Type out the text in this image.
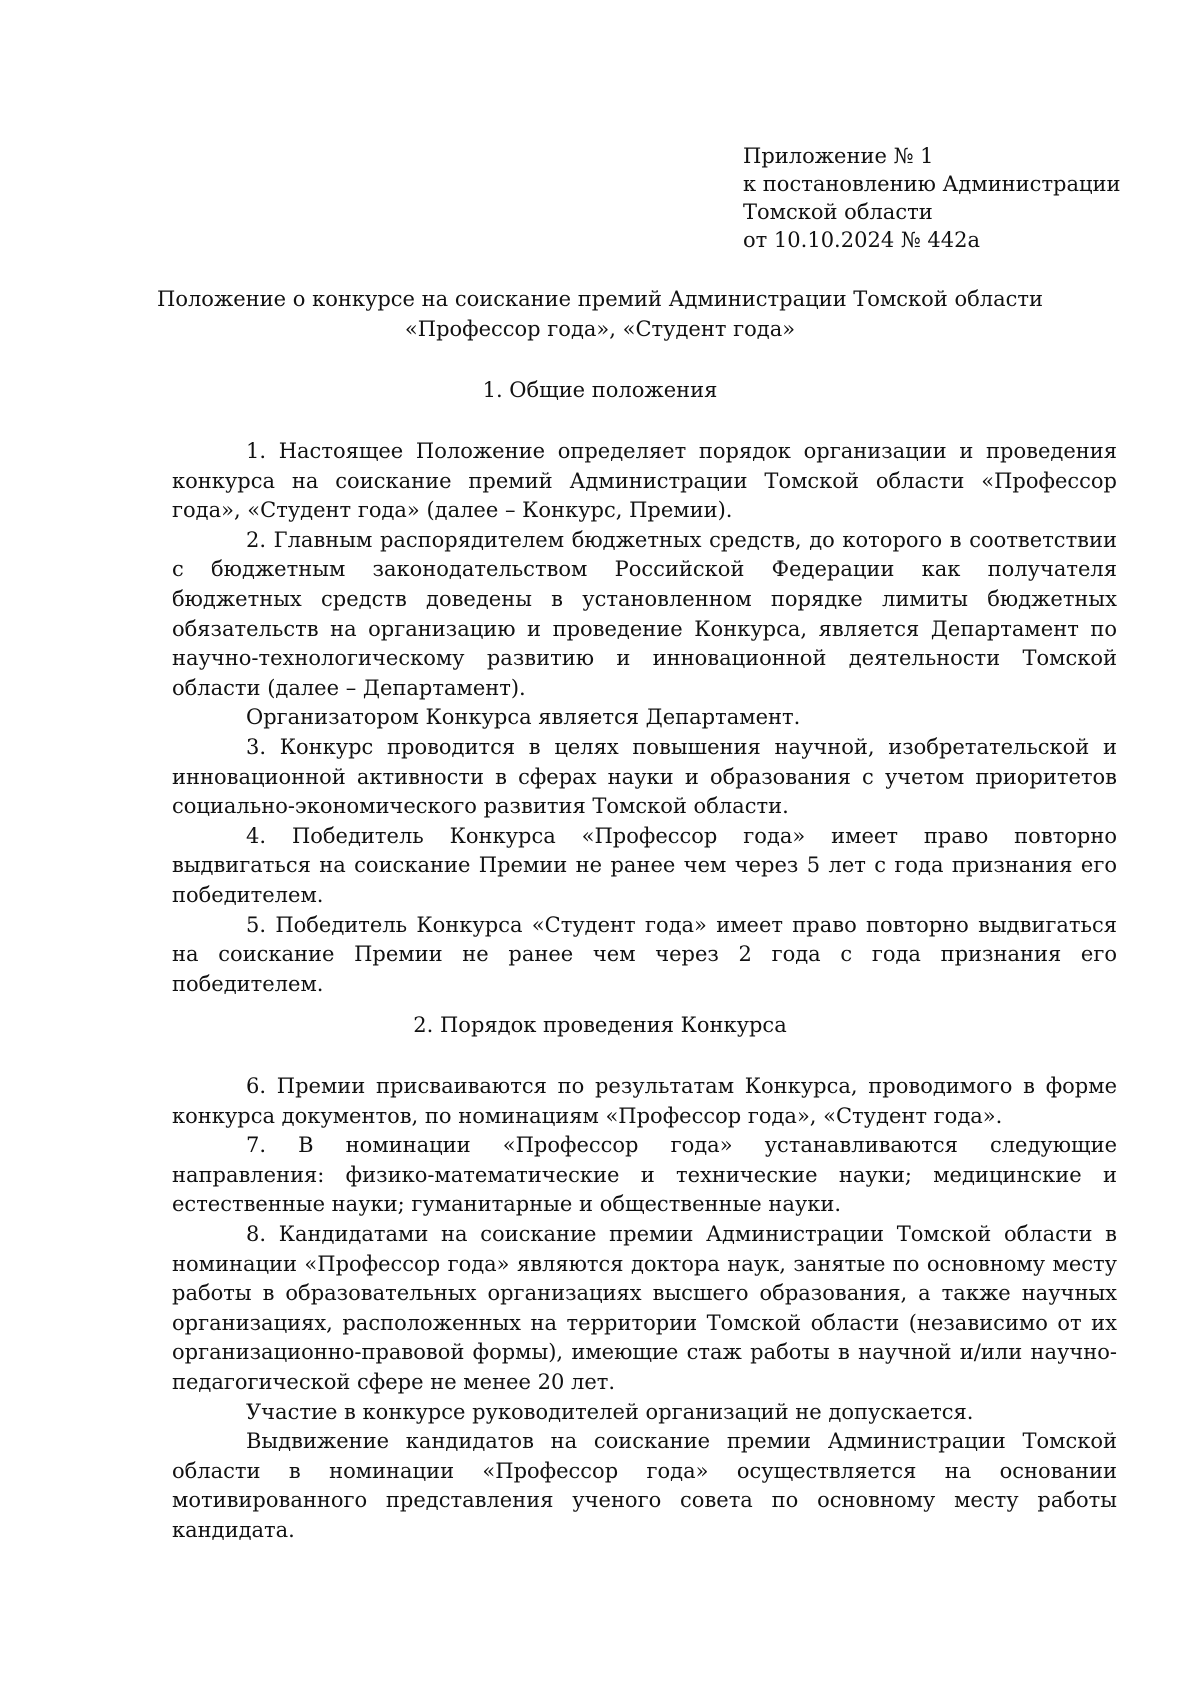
Приложение № 1
к постановлению Администрации
Томской области
от 10.10.2024 № 442а
Положение о конкурсе на соискание премий Администрации Томской области
«Профессор года», «Студент года»
1. Общие положения

1. Настоящее Положение определяет порядок организации и проведения конкурса на соискание премий Администрации Томской области «Профессор года», «Студент года» (далее – Конкурс, Премии).

2. Главным распорядителем бюджетных средств, до которого в соответствии с бюджетным законодательством Российской Федерации как получателя бюджетных средств доведены в установленном порядке лимиты бюджетных обязательств на организацию и проведение Конкурса, является Департамент по научно-технологическому развитию и инновационной деятельности Томской области (далее – Департамент).

Организатором Конкурса является Департамент.

3. Конкурс проводится в целях повышения научной, изобретательской и инновационной активности в сферах науки и образования с учетом приоритетов социально-экономического развития Томской области.

4. Победитель Конкурса «Профессор года» имеет право повторно выдвигаться на соискание Премии не ранее чем через 5 лет с года признания его победителем.

5. Победитель Конкурса «Студент года» имеет право повторно выдвигаться на соискание Премии не ранее чем через 2 года с года признания его победителем.

2. Порядок проведения Конкурса

6. Премии присваиваются по результатам Конкурса, проводимого в форме конкурса документов, по номинациям «Профессор года», «Студент года».

7. В номинации «Профессор года» устанавливаются следующие направления: физико-математические и технические науки; медицинские и естественные науки; гуманитарные и общественные науки.

8. Кандидатами на соискание премии Администрации Томской области в номинации «Профессор года» являются доктора наук, занятые по основному месту работы в образовательных организациях высшего образования, а также научных организациях, расположенных на территории Томской области (независимо от их организационно-правовой формы), имеющие стаж работы в научной и/или научно-педагогической сфере не менее 20 лет.

Участие в конкурсе руководителей организаций не допускается.

Выдвижение кандидатов на соискание премии Администрации Томской области в номинации «Профессор года» осуществляется на основании мотивированного представления ученого совета по основному месту работы кандидата.
